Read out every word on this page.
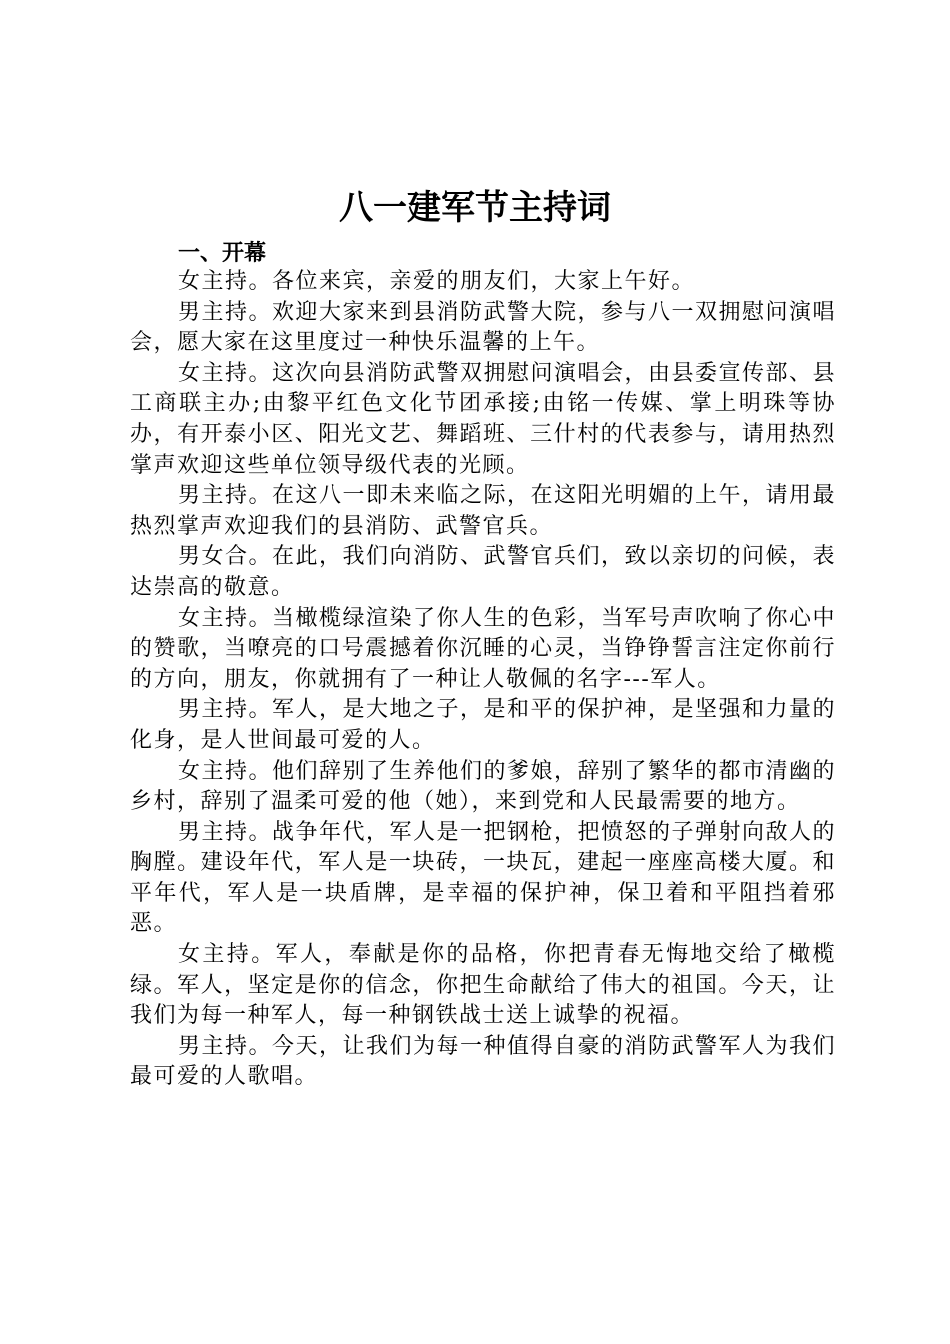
八一建军节主持词
一、开幕

女主持。各位来宾，亲爱的朋友们，大家上午好。

男主持。欢迎大家来到县消防武警大院，参与八一双拥慰问演唱会，愿大家在这里度过一种快乐温馨的上午。

女主持。这次向县消防武警双拥慰问演唱会，由县委宣传部、县工商联主办;由黎平红色文化节团承接;由铭一传媒、掌上明珠等协办，有开泰小区、阳光文艺、舞蹈班、三什村的代表参与，请用热烈掌声欢迎这些单位领导级代表的光顾。

男主持。在这八一即未来临之际，在这阳光明媚的上午，请用最热烈掌声欢迎我们的县消防、武警官兵。

男女合。在此，我们向消防、武警官兵们，致以亲切的问候，表达崇高的敬意。

女主持。当橄榄绿渲染了你人生的色彩，当军号声吹响了你心中的赞歌，当嘹亮的口号震撼着你沉睡的心灵，当铮铮誓言注定你前行的方向，朋友，你就拥有了一种让人敬佩的名字---军人。

男主持。军人，是大地之子，是和平的保护神，是坚强和力量的化身，是人世间最可爱的人。

女主持。他们辞别了生养他们的爹娘，辞别了繁华的都市清幽的乡村，辞别了温柔可爱的他（她），来到党和人民最需要的地方。

男主持。战争年代，军人是一把钢枪，把愤怒的子弹射向敌人的胸膛。建设年代，军人是一块砖，一块瓦，建起一座座高楼大厦。和平年代，军人是一块盾牌，是幸福的保护神，保卫着和平阻挡着邪恶。

女主持。军人，奉献是你的品格，你把青春无悔地交给了橄榄绿。军人，坚定是你的信念，你把生命献给了伟大的祖国。今天，让我们为每一种军人，每一种钢铁战士送上诚挚的祝福。

男主持。今天，让我们为每一种值得自豪的消防武警军人为我们最可爱的人歌唱。
